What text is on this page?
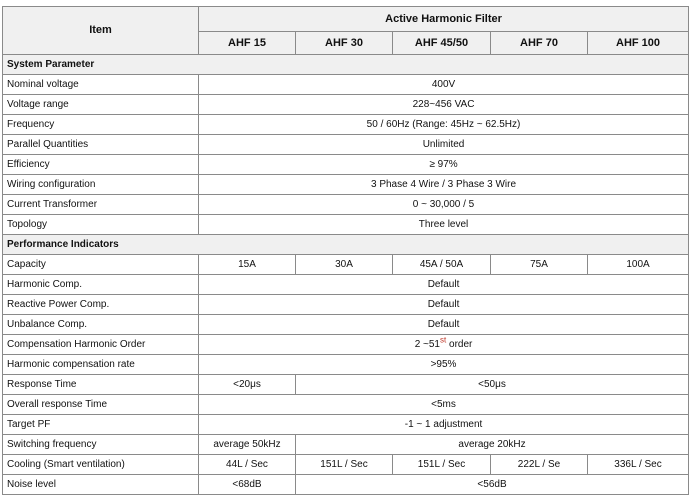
Item	Active Harmonic Filter				
	AHF 15	AHF 30	AHF 45/50	AHF 70	AHF 100
System Parameter					
Nominal voltage	400V				
Voltage range	228~456 VAC				
Frequency	50 / 60Hz (Range: 45Hz ~ 62.5Hz)				
Parallel Quantities	Unlimited				
Efficiency	≥ 97%				
Wiring configuration	3 Phase 4 Wire / 3 Phase 3 Wire				
Current Transformer	0 ~ 30,000 / 5				
Topology	Three level				
Performance Indicators					
Capacity	15A	30A	45A / 50A	75A	100A
Harmonic Comp.	Default				
Reactive Power Comp.	Default				
Unbalance Comp.	Default				
Compensation Harmonic Order	2 ~51st order				
Harmonic compensation rate	>95%				
Response Time	<20μs	<50μs			
Overall response Time	<5ms				
Target PF	-1 ~ 1 adjustment				
Switching frequency	average 50kHz	average 20kHz			
Cooling (Smart ventilation)	44L / Sec	151L / Sec	151L / Sec	222L / Se	336L / Sec
Noise level	<68dB	<56dB			
